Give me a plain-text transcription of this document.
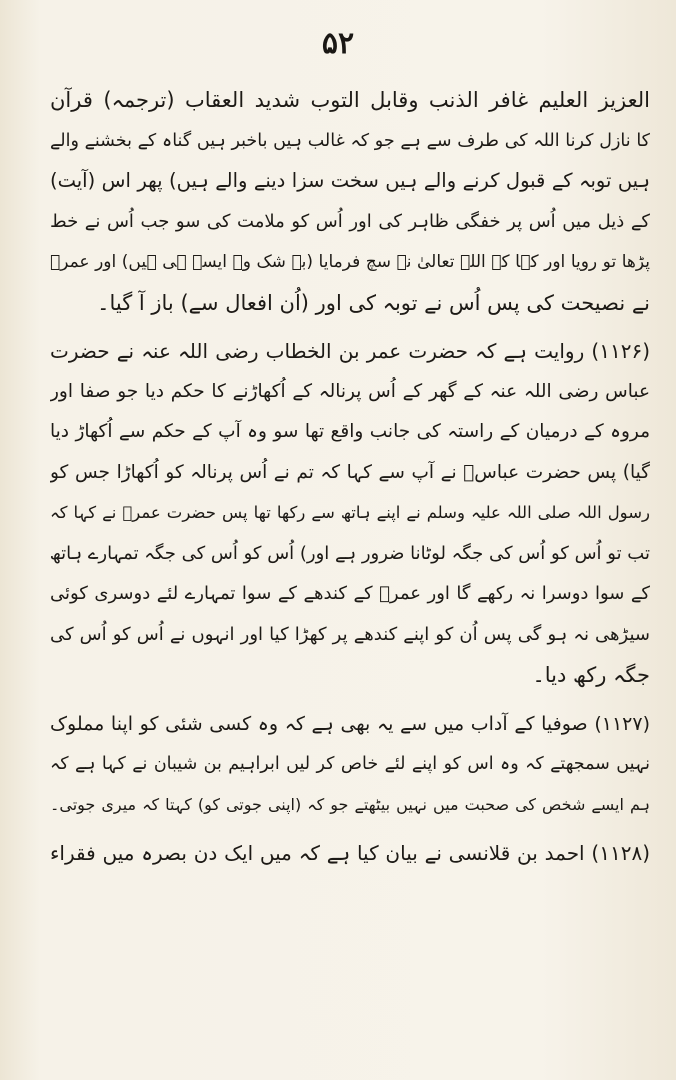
۵۲
العزیز العلیم غافر الذنب وقابل التوب شدید العقاب (ترجمہ) قرآن
کا نازل کرنا اللہ کی طرف سے ہے جو کہ غالب ہیں باخبر ہیں گناہ کے بخشنے والے
ہیں توبہ کے قبول کرنے والے ہیں سخت سزا دینے والے ہیں) پھر اس (آیت)
کے ذیل میں اُس پر خفگی ظاہر کی اور اُس کو ملامت کی سو جب اُس نے خط
پڑھا تو رویا اور کہا کہ اللہ تعالیٰ نے سچ فرمایا (بے شک وہ ایسے ہی ہیں) اور عمرؓ
نے نصیحت کی پس اُس نے توبہ کی اور (اُن افعال سے) باز آ گیا۔
(۱۱۲۶) روایت ہے کہ حضرت عمر بن الخطاب رضی اللہ عنہ نے حضرت
عباس رضی اللہ عنہ کے گھر کے اُس پرنالہ کے اُکھاڑنے کا حکم دیا جو صفا اور
مروہ کے درمیان کے راستہ کی جانب واقع تھا سو وہ آپ کے حکم سے اُکھاڑ دیا
گیا) پس حضرت عباسؓ نے آپ سے کہا کہ تم نے اُس پرنالہ کو اُکھاڑا جس کو
رسول اللہ صلی اللہ علیہ وسلم نے اپنے ہاتھ سے رکھا تھا پس حضرت عمرؓ نے کہا کہ
تب تو اُس کو اُس کی جگہ لوٹانا ضرور ہے اور) اُس کو اُس کی جگہ تمہارے ہاتھ
کے سوا دوسرا نہ رکھے گا اور عمرؓ کے کندھے کے سوا تمہارے لئے دوسری کوئی
سیڑھی نہ ہو گی پس اُن کو اپنے کندھے پر کھڑا کیا اور انہوں نے اُس کو اُس کی
جگہ رکھ دیا۔
(۱۱۲۷) صوفیا کے آداب میں سے یہ بھی ہے کہ وہ کسی شئی کو اپنا مملوک
نہیں سمجھتے کہ وہ اس کو اپنے لئے خاص کر لیں ابراہیم بن شیبان نے کہا ہے کہ
ہم ایسے شخص کی صحبت میں نہیں بیٹھتے جو کہ (اپنی جوتی کو) کہتا کہ میری جوتی۔
(۱۱۲۸) احمد بن قلانسی نے بیان کیا ہے کہ میں ایک دن بصرہ میں فقراء
